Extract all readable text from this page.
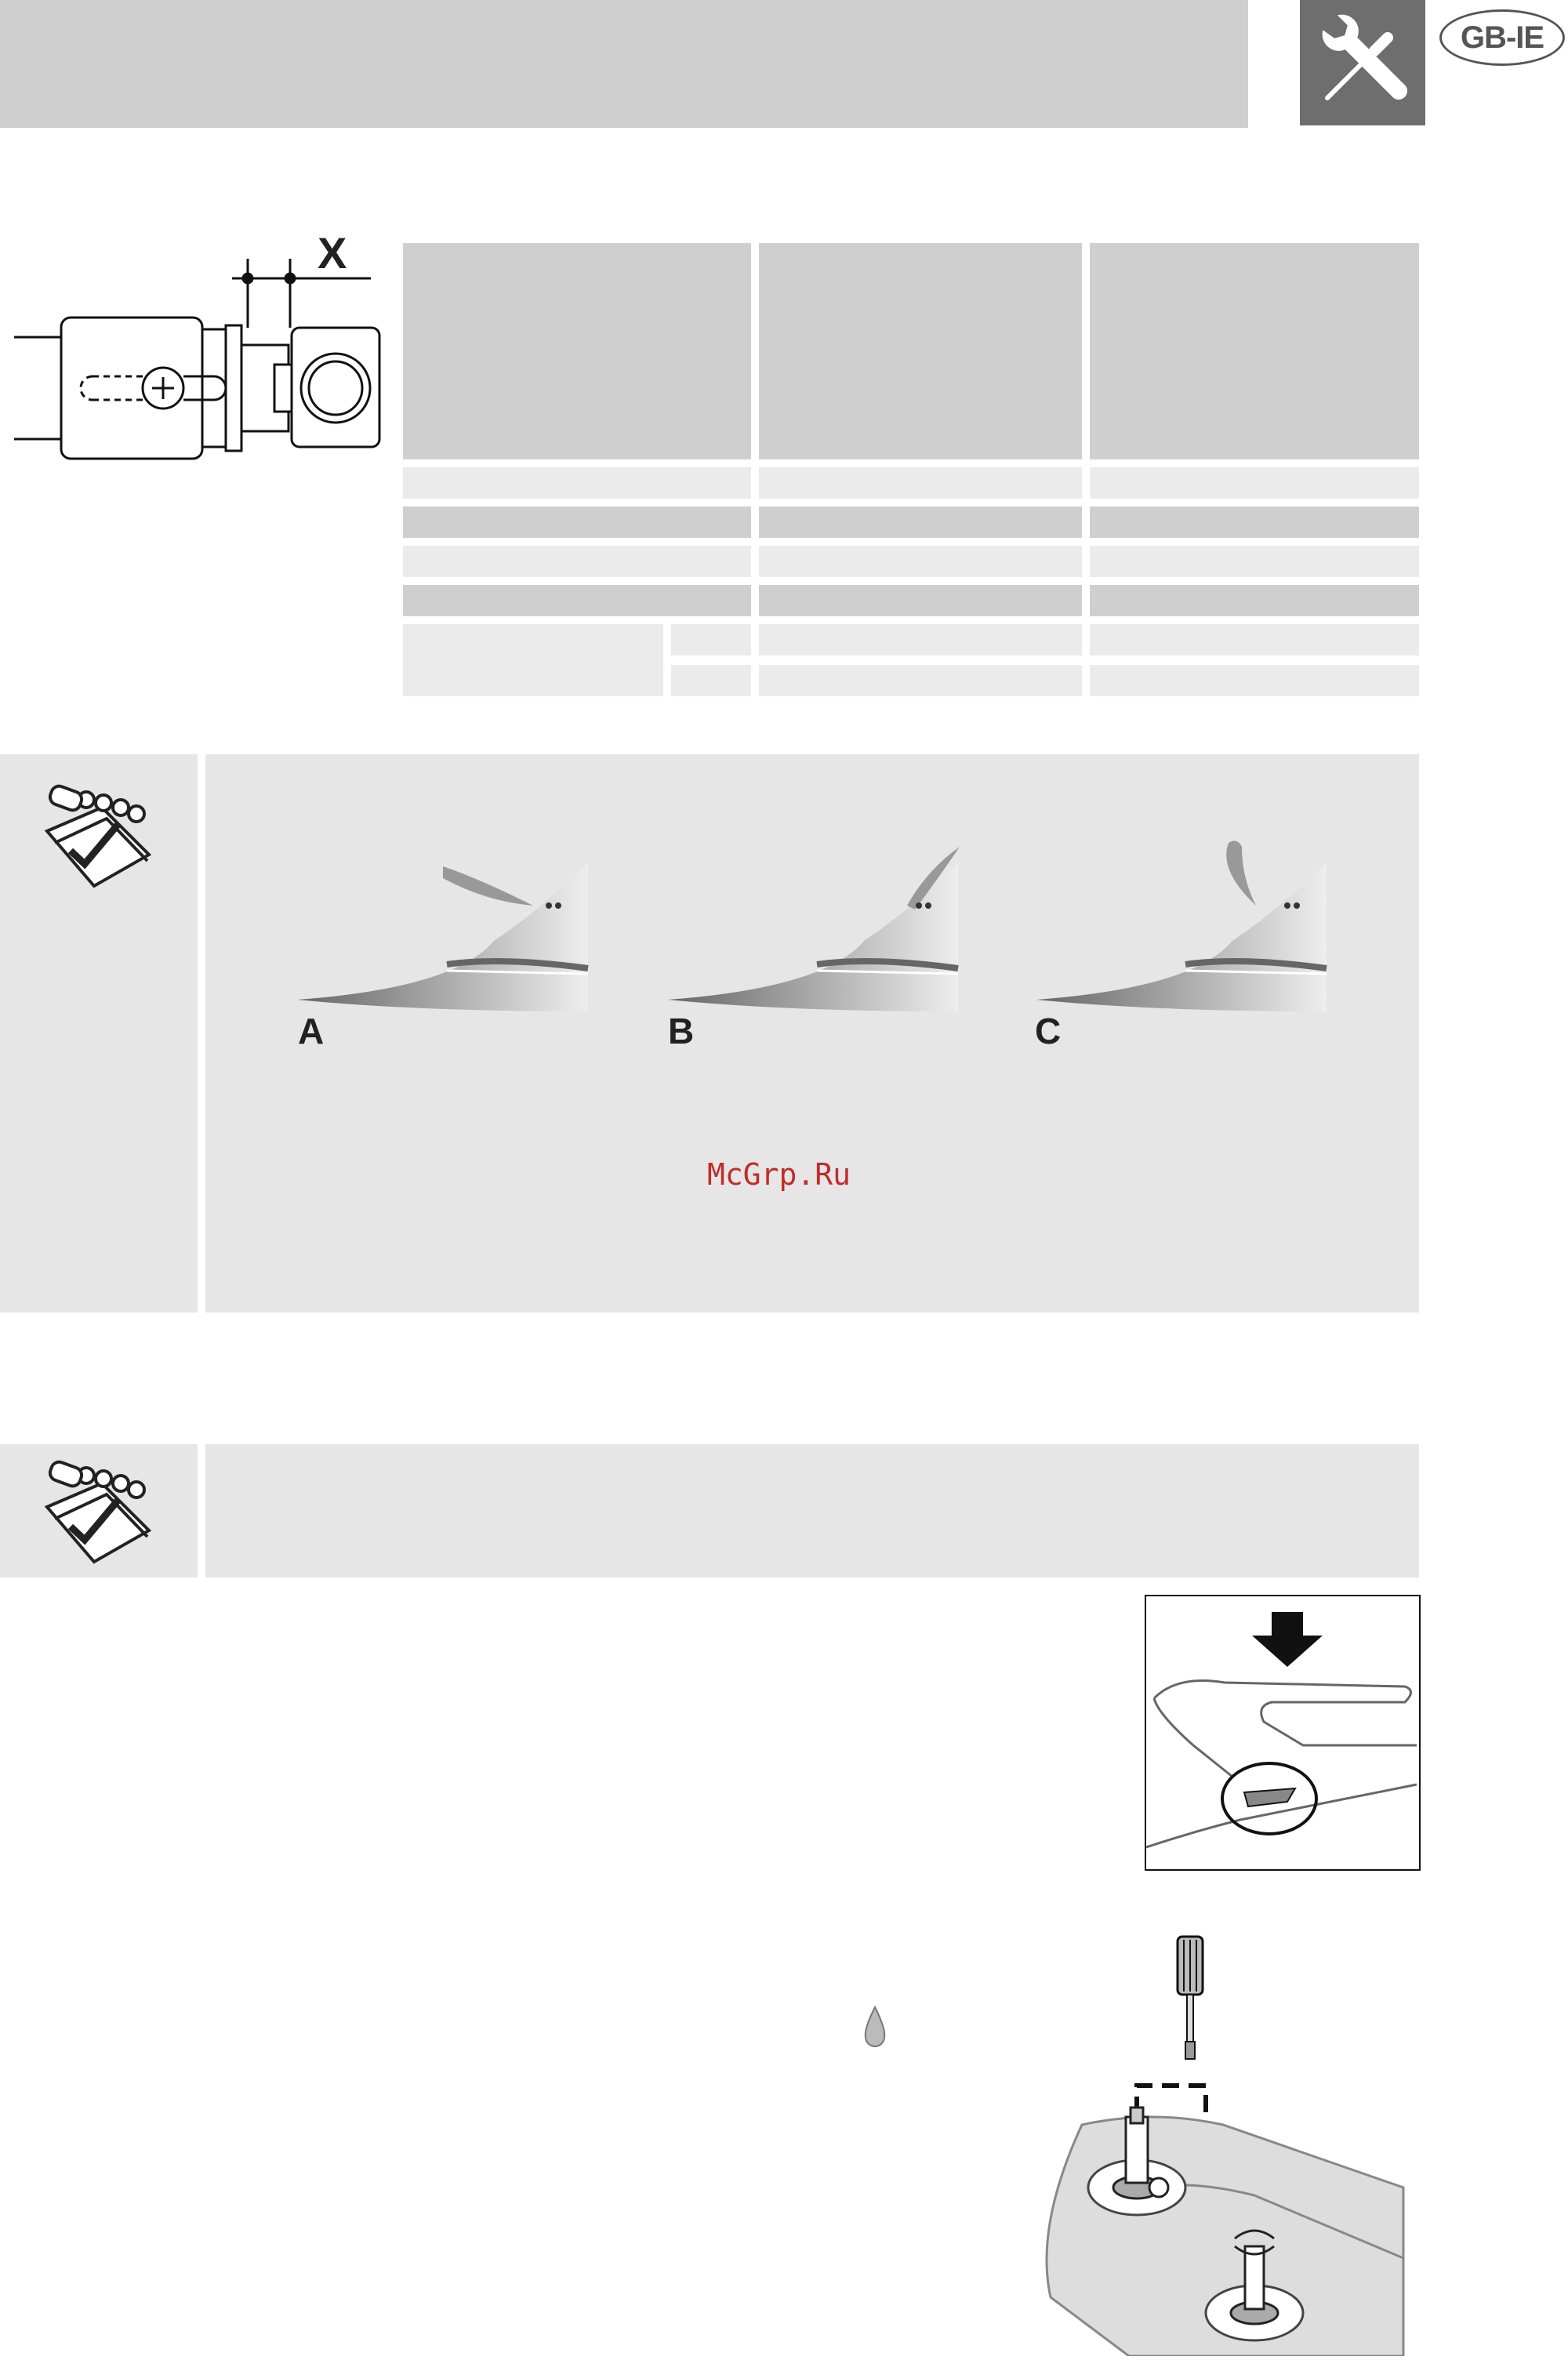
GB-IE
X
A	B	C
McGrp.Ru
